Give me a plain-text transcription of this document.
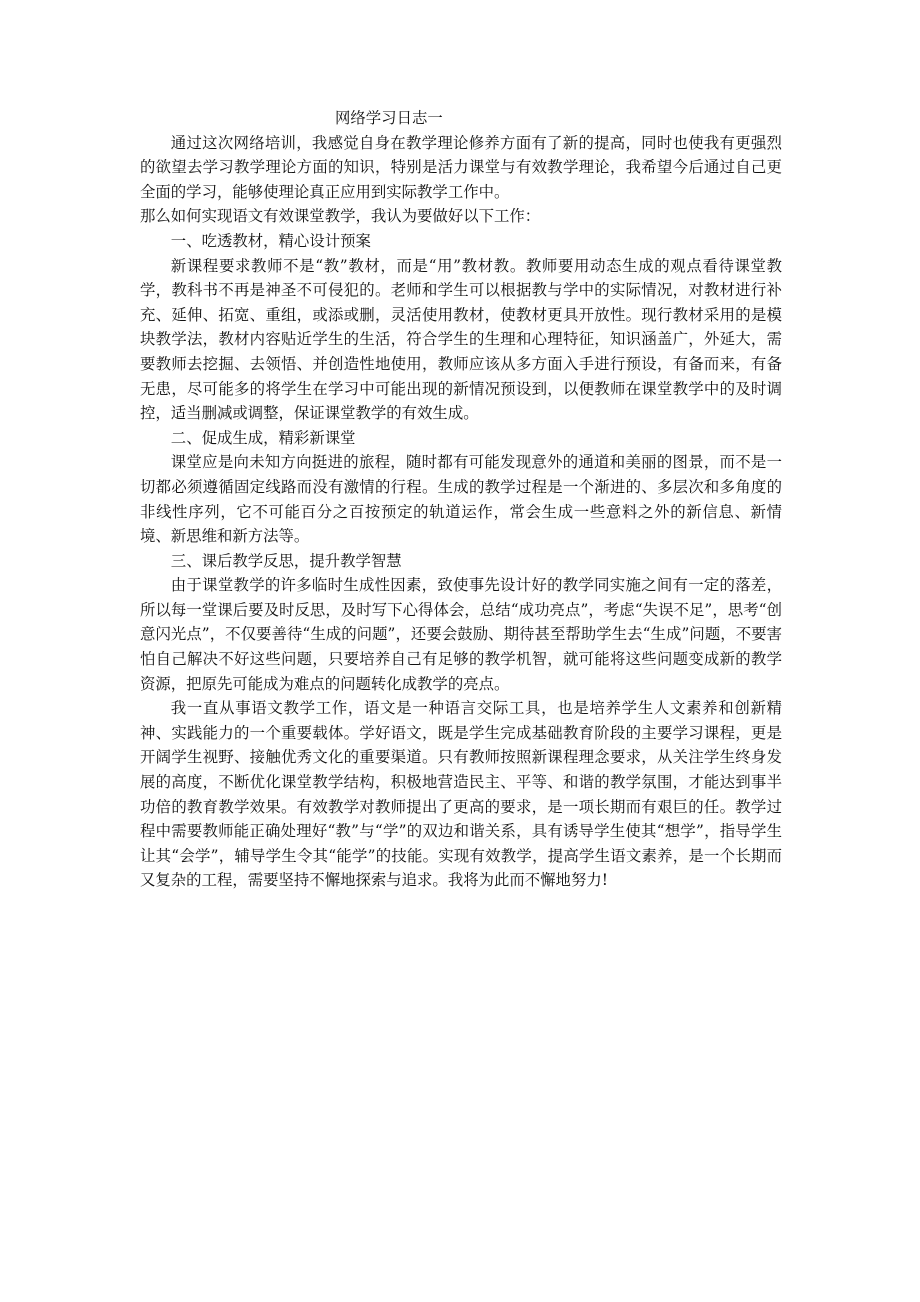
网络学习日志一

通过这次网络培训，我感觉自身在教学理论修养方面有了新的提高，同时也使我有更强烈的欲望去学习教学理论方面的知识，特别是活力课堂与有效教学理论，我希望今后通过自己更全面的学习，能够使理论真正应用到实际教学工作中。

那么如何实现语文有效课堂教学，我认为要做好以下工作：

一、吃透教材，精心设计预案

新课程要求教师不是“教”教材，而是“用”教材教。教师要用动态生成的观点看待课堂教学，教科书不再是神圣不可侵犯的。老师和学生可以根据教与学中的实际情况，对教材进行补充、延伸、拓宽、重组，或添或删，灵活使用教材，使教材更具开放性。现行教材采用的是模块教学法，教材内容贴近学生的生活，符合学生的生理和心理特征，知识涵盖广，外延大，需要教师去挖掘、去领悟、并创造性地使用，教师应该从多方面入手进行预设，有备而来，有备无患，尽可能多的将学生在学习中可能出现的新情况预设到，以便教师在课堂教学中的及时调控，适当删减或调整，保证课堂教学的有效生成。

二、促成生成，精彩新课堂

课堂应是向未知方向挺进的旅程，随时都有可能发现意外的通道和美丽的图景，而不是一切都必须遵循固定线路而没有激情的行程。生成的教学过程是一个渐进的、多层次和多角度的非线性序列，它不可能百分之百按预定的轨道运作，常会生成一些意料之外的新信息、新情境、新思维和新方法等。

三、课后教学反思，提升教学智慧

由于课堂教学的许多临时生成性因素，致使事先设计好的教学同实施之间有一定的落差，所以每一堂课后要及时反思，及时写下心得体会，总结“成功亮点”，考虑“失误不足”，思考“创意闪光点”，不仅要善待“生成的问题”，还要会鼓励、期待甚至帮助学生去“生成”问题，不要害怕自己解决不好这些问题，只要培养自己有足够的教学机智，就可能将这些问题变成新的教学资源，把原先可能成为难点的问题转化成教学的亮点。

我一直从事语文教学工作，语文是一种语言交际工具，也是培养学生人文素养和创新精神、实践能力的一个重要载体。学好语文，既是学生完成基础教育阶段的主要学习课程，更是开阔学生视野、接触优秀文化的重要渠道。只有教师按照新课程理念要求，从关注学生终身发展的高度，不断优化课堂教学结构，积极地营造民主、平等、和谐的教学氛围，才能达到事半功倍的教育教学效果。有效教学对教师提出了更高的要求，是一项长期而有艰巨的任。教学过程中需要教师能正确处理好“教”与“学”的双边和谐关系，具有诱导学生使其“想学”，指导学生让其“会学”，辅导学生令其“能学”的技能。实现有效教学，提高学生语文素养，是一个长期而又复杂的工程，需要坚持不懈地探索与追求。我将为此而不懈地努力!
